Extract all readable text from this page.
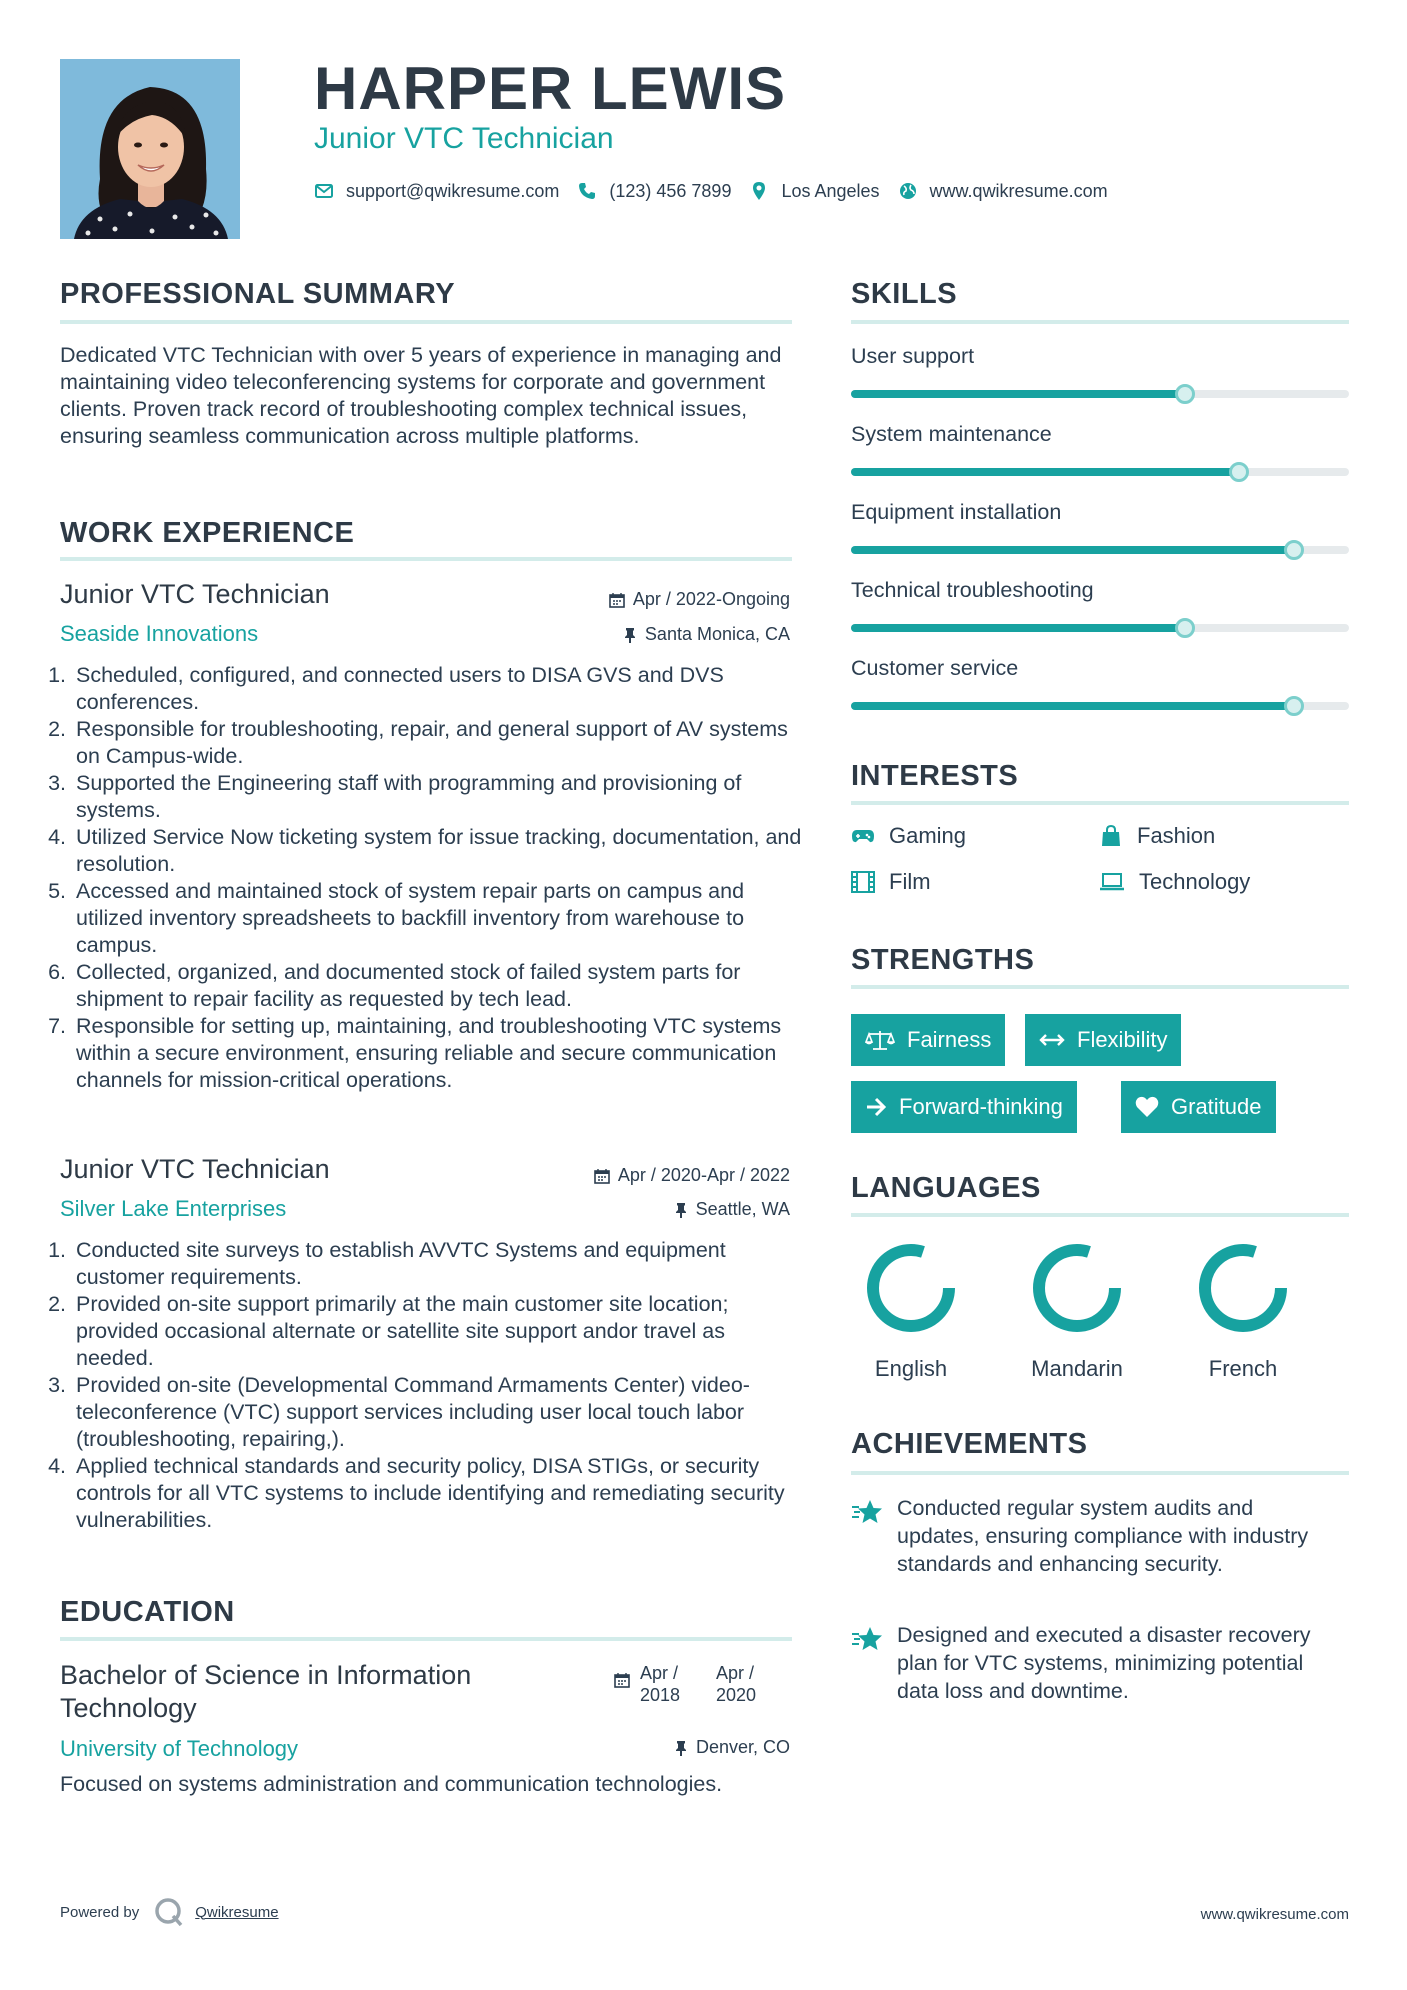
HARPER LEWIS
Junior VTC Technician
support@qwikresume.com	(123) 456 7899	Los Angeles	www.qwikresume.com
PROFESSIONAL SUMMARY
Dedicated VTC Technician with over 5 years of experience in managing and maintaining video teleconferencing systems for corporate and government clients. Proven track record of troubleshooting complex technical issues, ensuring seamless communication across multiple platforms.
WORK EXPERIENCE
Junior VTC Technician	Apr / 2022-Ongoing
Seaside Innovations	Santa Monica, CA
1. Scheduled, configured, and connected users to DISA GVS and DVS conferences.
2. Responsible for troubleshooting, repair, and general support of AV systems on Campus-wide.
3. Supported the Engineering staff with programming and provisioning of systems.
4. Utilized Service Now ticketing system for issue tracking, documentation, and resolution.
5. Accessed and maintained stock of system repair parts on campus and utilized inventory spreadsheets to backfill inventory from warehouse to campus.
6. Collected, organized, and documented stock of failed system parts for shipment to repair facility as requested by tech lead.
7. Responsible for setting up, maintaining, and troubleshooting VTC systems within a secure environment, ensuring reliable and secure communication channels for mission-critical operations.
Junior VTC Technician	Apr / 2020-Apr / 2022
Silver Lake Enterprises	Seattle, WA
1. Conducted site surveys to establish AVVTC Systems and equipment customer requirements.
2. Provided on-site support primarily at the main customer site location; provided occasional alternate or satellite site support andor travel as needed.
3. Provided on-site (Developmental Command Armaments Center) video-teleconference (VTC) support services including user local touch labor (troubleshooting, repairing,).
4. Applied technical standards and security policy, DISA STIGs, or security controls for all VTC systems to include identifying and remediating security vulnerabilities.
EDUCATION
Bachelor of Science in Information Technology
Apr / 2018
Apr / 2020
University of Technology	Denver, CO
Focused on systems administration and communication technologies.
SKILLS
User support
System maintenance
Equipment installation
Technical troubleshooting
Customer service
INTERESTS
Gaming	Fashion
Film	Technology
STRENGTHS
Fairness	Flexibility
Forward-thinking	Gratitude
LANGUAGES
English	Mandarin	French
ACHIEVEMENTS
Conducted regular system audits and updates, ensuring compliance with industry standards and enhancing security.
Designed and executed a disaster recovery plan for VTC systems, minimizing potential data loss and downtime.
Powered by	Qwikresume	www.qwikresume.com
